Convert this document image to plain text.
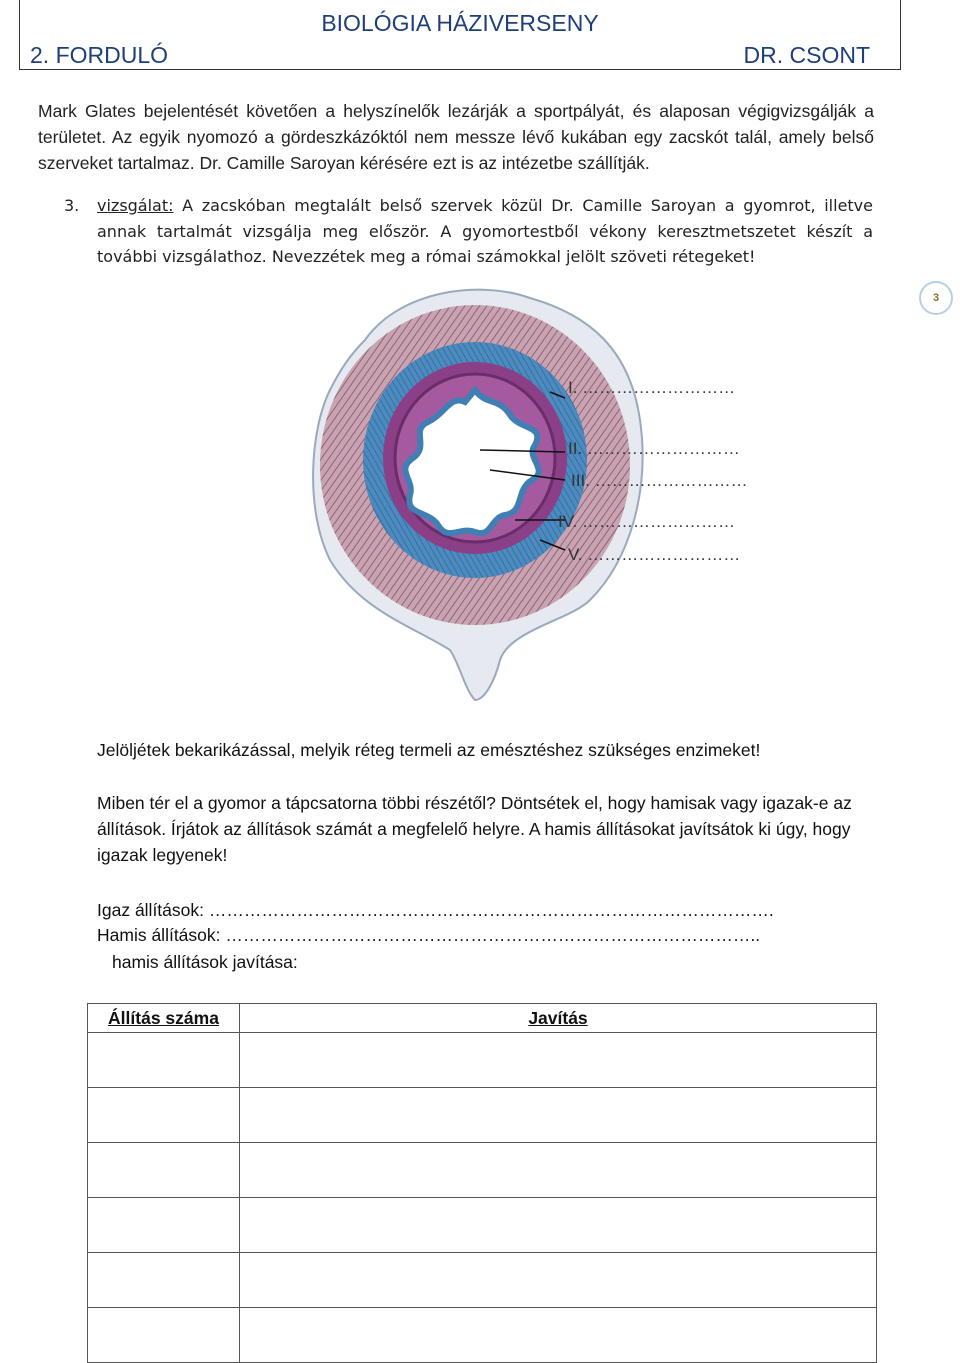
BIOLÓGIA HÁZIVERSENY
2. FORDULÓ	DR. CSONT
Mark Glates bejelentését követően a helyszínelők lezárják a sportpályát, és alaposan végigvizsgálják a területet. Az egyik nyomozó a gördeszkázóktól nem messze lévő kukában egy zacskót talál, amely belső szerveket tartalmaz. Dr. Camille Saroyan kérésére ezt is az intézetbe szállítják.
3. vizsgálat: A zacskóban megtalált belső szervek közül Dr. Camille Saroyan a gyomrot, illetve annak tartalmát vizsgálja meg először. A gyomortestből vékony keresztmetszetet készít a további vizsgálathoz. Nevezzétek meg a római számokkal jelölt szöveti rétegeket!
3
I. ………………………
II. ………………………
III. ………………………
IV. ………………………
V. ………………………
Jelöljétek bekarikázással, melyik réteg termeli az emésztéshez szükséges enzimeket!
Miben tér el a gyomor a tápcsatorna többi részétől? Döntsétek el, hogy hamisak vagy igazak-e az állítások. Írjátok az állítások számát a megfelelő helyre. A hamis állításokat javítsátok ki úgy, hogy igazak legyenek!
Igaz állítások: …………………………………………………………………………………….
Hamis állítások: ………………………………………………………………………………..
hamis állítások javítása:
Állítás száma	Javítás
